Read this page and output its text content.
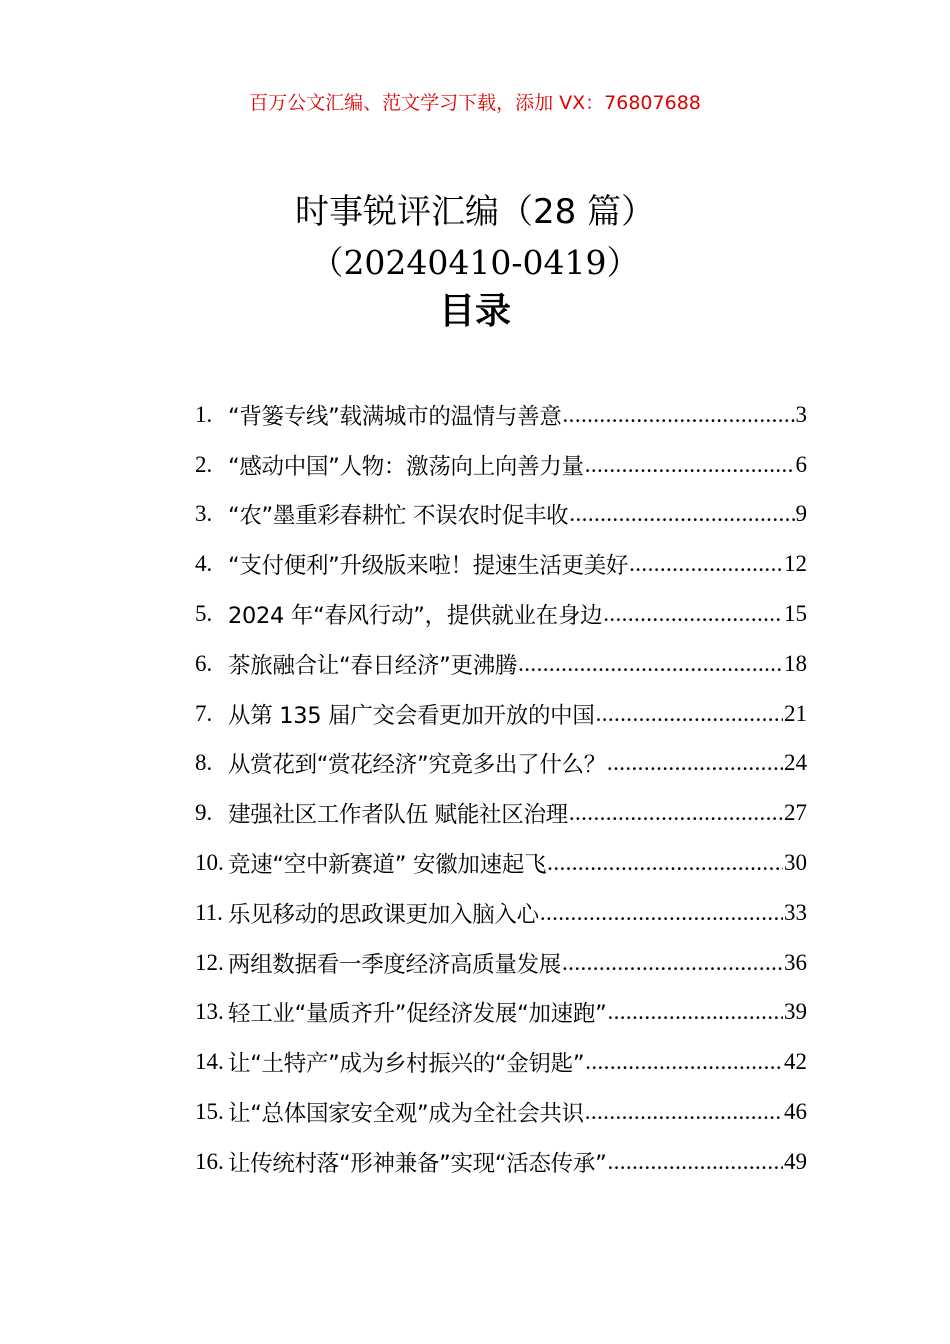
百万公文汇编、范文学习下载，添加 VX：76807688
时事锐评汇编（28 篇）
（20240410-0419）
目录
1. “背篓专线”载满城市的温情与善意 .....	3
2. “感动中国”人物：激荡向上向善力量 .....	6
3. “农”墨重彩春耕忙 不误农时促丰收 .....	9
4. “支付便利”升级版来啦！提速生活更美好 .....	12
5. 2024 年“春风行动”，提供就业在身边 .....	15
6. 茶旅融合让“春日经济”更沸腾 .....	18
7. 从第 135 届广交会看更加开放的中国 .....	21
8. 从赏花到“赏花经济”究竟多出了什么？ .....	24
9. 建强社区工作者队伍 赋能社区治理 .....	27
10. 竞速“空中新赛道” 安徽加速起飞 .....	30
11. 乐见移动的思政课更加入脑入心 .....	33
12. 两组数据看一季度经济高质量发展 .....	36
13. 轻工业“量质齐升”促经济发展“加速跑” .....	39
14. 让“土特产”成为乡村振兴的“金钥匙” .....	42
15. 让“总体国家安全观”成为全社会共识 .....	46
16. 让传统村落“形神兼备”实现“活态传承” .....	49
